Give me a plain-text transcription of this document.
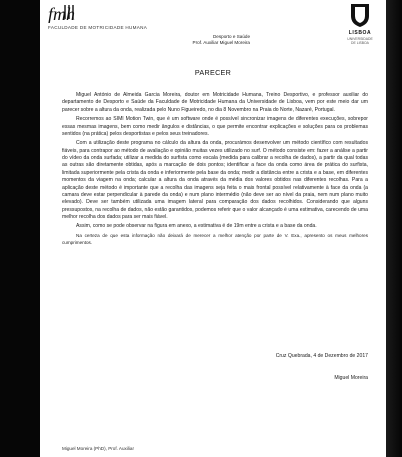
fmh
FACULDADE DE MOTRICIDADE HUMANA
Desporto e Saúde
Prof. Auxiliar Miguel Moreira
LISBOA
UNIVERSIDADE
DE LISBOA
PARECER

Miguel António de Almeida Garcia Moreira, doutor em Motricidade Humana, Treino Desportivo, e professor auxiliar do departamento de Desporto e Saúde da Faculdade de Motricidade Humana da Universidade de Lisboa, vem por este meio dar um parecer sobre a altura da onda, realizada pelo Nuno Figueiredo, no dia 8 Novembro na Praia do Norte, Nazaré, Portugal.

Recorremos ao SIMI Motion Twin, que é um software onde é possível sincronizar imagens de diferentes execuções, sobrepor essas mesmas imagens, bem como medir ângulos e distâncias, o que permite encontrar explicações e soluções para os problemas sentidos (na prática) pelos desportistas e pelos seus treinadores.

Com a utilização deste programa no cálculo da altura da onda, procurámos desenvolver um método científico com resultados fiáveis, para contrapor ao método de avaliação e opinião muitas vezes utilizado no surf. O método consiste em: fazer a análise a partir do vídeo da onda surfada; utilizar a medida do surfista como escala (medida para calibrar a recolha de dados), a partir da qual todas as outras são diretamente obtidas, após a marcação de dois pontos; identificar a face da onda como área de prática do surfista, limitada superiormente pela crista da onda e inferiormente pela base da onda; medir a distância entre a crista e a base, em diferentes momentos da viagem na onda; calcular a altura da onda através da média dos valores obtidos nas diferentes recolhas. Para a aplicação deste método é importante que a recolha das imagens seja feita o mais frontal possível relativamente à face da onda (a camara deve estar perpendicular à parede da onda) e num plano intermédio (não deve ser ao nível da praia, nem num plano muito elevado). Deve ser também utilizada uma imagem lateral para comparação dos dados recolhidos. Considerando que alguns pressupostos, na recolha de dados, não estão garantidos, podemos referir que o valor alcançado é uma estimativa, carecendo de uma melhor recolha dos dados para ser mais fiável.

Assim, como se pode observar na figura em anexo, a estimativa é de 19m entre a crista e a base da onda.

Na certeza de que esta informação não deixará de merecer a melhor atenção por parte de V. Exa., apresento os meus melhores cumprimentos.

Cruz Quebrada, 4 de Dezembro de 2017
Miguel Moreira
Miguel Moreira (PhD), Prof. Auxiliar
